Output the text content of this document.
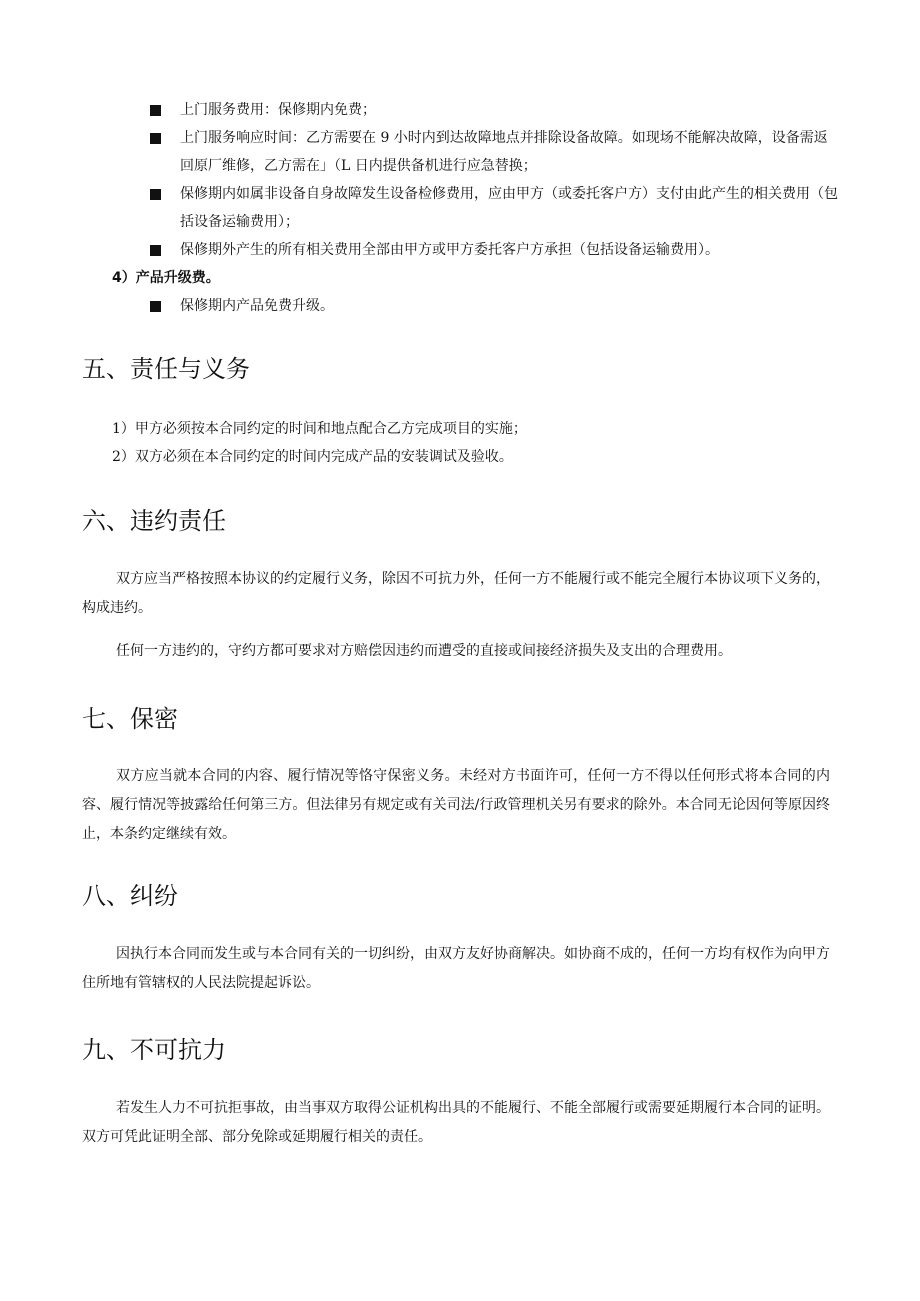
上门服务费用：保修期内免费；
上门服务响应时间：乙方需要在 9 小时内到达故障地点并排除设备故障。如现场不能解决故障，设备需返回原厂维修，乙方需在」（L 日内提供备机进行应急替换；
保修期内如属非设备自身故障发生设备检修费用，应由甲方（或委托客户方）支付由此产生的相关费用（包括设备运输费用）；
保修期外产生的所有相关费用全部由甲方或甲方委托客户方承担（包括设备运输费用）。
4）产品升级费。
保修期内产品免费升级。
五、责任与义务
1）甲方必须按本合同约定的时间和地点配合乙方完成项目的实施；
2）双方必须在本合同约定的时间内完成产品的安装调试及验收。
六、违约责任

双方应当严格按照本协议的约定履行义务，除因不可抗力外，任何一方不能履行或不能完全履行本协议项下义务的，构成违约。

任何一方违约的，守约方都可要求对方赔偿因违约而遭受的直接或间接经济损失及支出的合理费用。

七、保密

双方应当就本合同的内容、履行情况等恪守保密义务。未经对方书面许可，任何一方不得以任何形式将本合同的内容、履行情况等披露给任何第三方。但法律另有规定或有关司法/行政管理机关另有要求的除外。本合同无论因何等原因终止，本条约定继续有效。

八、纠纷

因执行本合同而发生或与本合同有关的一切纠纷，由双方友好协商解决。如协商不成的，任何一方均有权作为向甲方住所地有管辖权的人民法院提起诉讼。

九、不可抗力

若发生人力不可抗拒事故，由当事双方取得公证机构出具的不能履行、不能全部履行或需要延期履行本合同的证明。双方可凭此证明全部、部分免除或延期履行相关的责任。
